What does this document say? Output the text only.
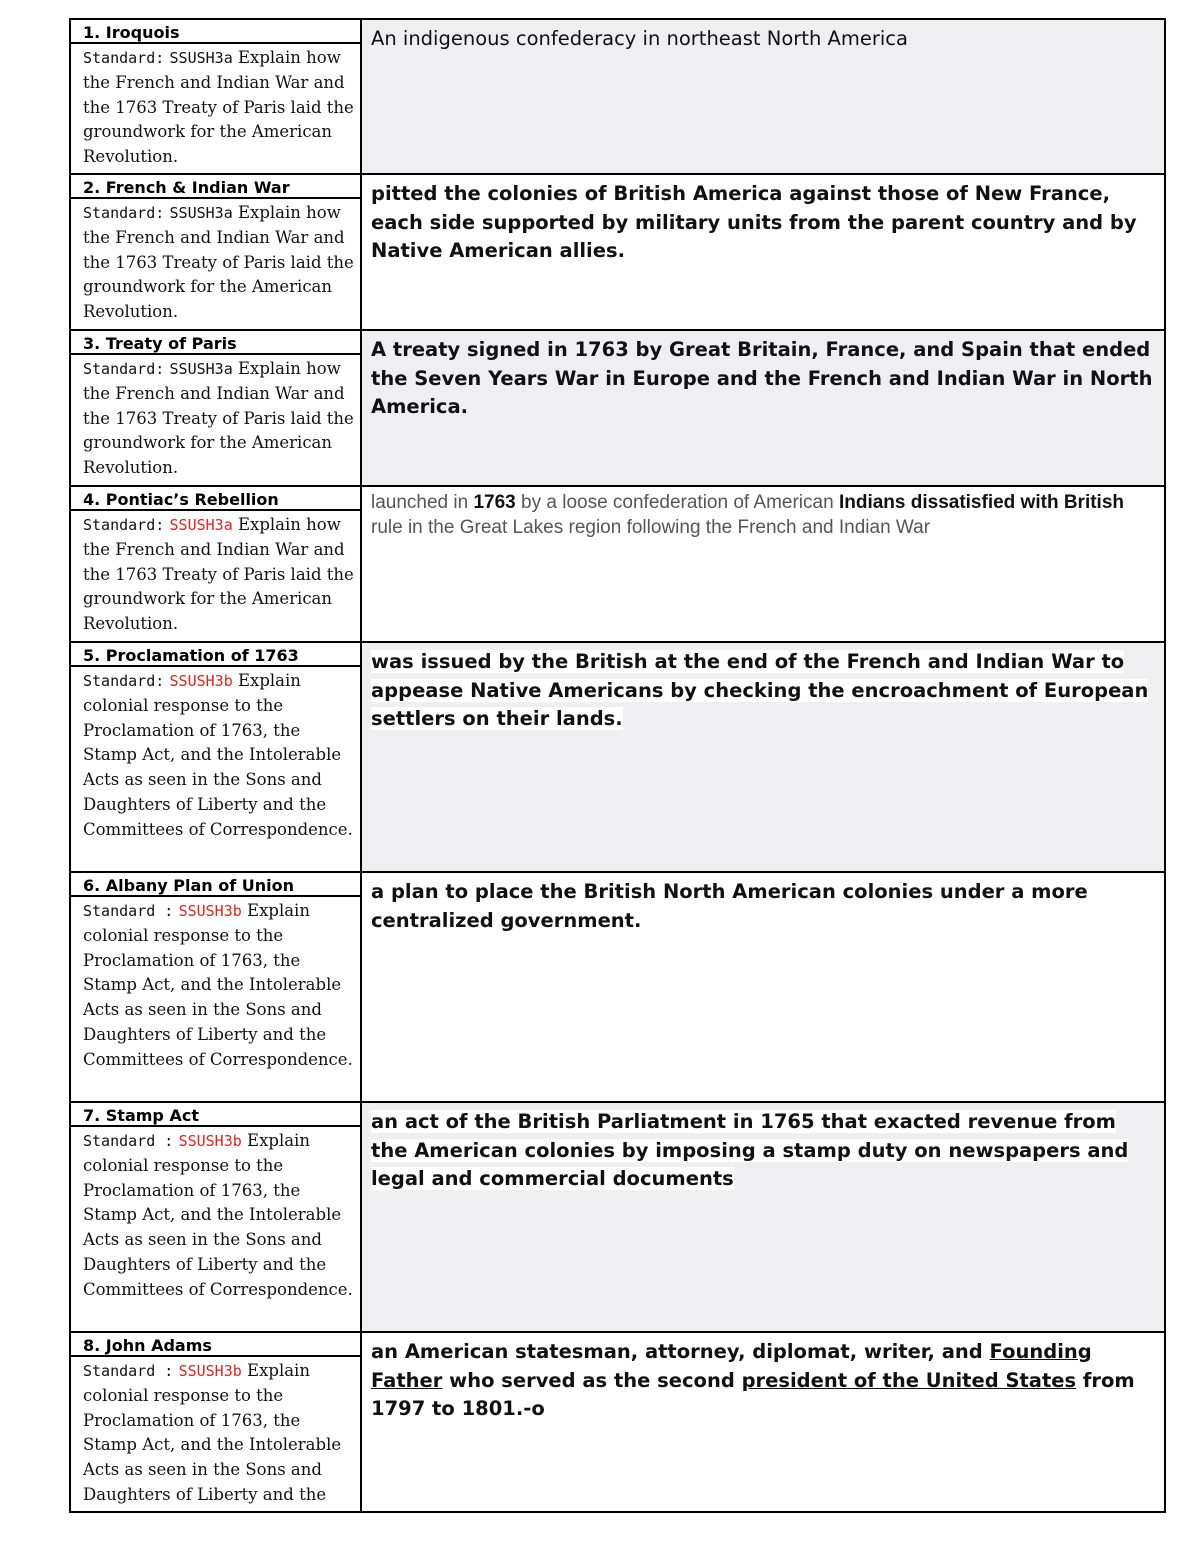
1. Iroquois
Standard: SSUSH3a Explain how the French and Indian War and the 1763 Treaty of Paris laid the groundwork for the American Revolution.	An indigenous confederacy in northeast North America

2. French & Indian War
Standard: SSUSH3a Explain how the French and Indian War and the 1763 Treaty of Paris laid the groundwork for the American Revolution.	pitted the colonies of British America against those of New France, each side supported by military units from the parent country and by Native American allies.

3. Treaty of Paris
Standard: SSUSH3a Explain how the French and Indian War and the 1763 Treaty of Paris laid the groundwork for the American Revolution.	A treaty signed in 1763 by Great Britain, France, and Spain that ended the Seven Years War in Europe and the French and Indian War in North America.

4. Pontiac’s Rebellion
Standard: SSUSH3a Explain how the French and Indian War and the 1763 Treaty of Paris laid the groundwork for the American Revolution.	launched in 1763 by a loose confederation of American Indians dissatisfied with British rule in the Great Lakes region following the French and Indian War

5. Proclamation of 1763
Standard: SSUSH3b Explain colonial response to the Proclamation of 1763, the Stamp Act, and the Intolerable Acts as seen in the Sons and Daughters of Liberty and the Committees of Correspondence.	was issued by the British at the end of the French and Indian War to appease Native Americans by checking the encroachment of European settlers on their lands.

6. Albany Plan of Union
Standard : SSUSH3b Explain colonial response to the Proclamation of 1763, the Stamp Act, and the Intolerable Acts as seen in the Sons and Daughters of Liberty and the Committees of Correspondence.	a plan to place the British North American colonies under a more centralized government.

7. Stamp Act
Standard : SSUSH3b Explain colonial response to the Proclamation of 1763, the Stamp Act, and the Intolerable Acts as seen in the Sons and Daughters of Liberty and the Committees of Correspondence.	an act of the British Parliatment in 1765 that exacted revenue from the American colonies by imposing a stamp duty on newspapers and legal and commercial documents

8. John Adams
Standard : SSUSH3b Explain colonial response to the Proclamation of 1763, the Stamp Act, and the Intolerable Acts as seen in the Sons and Daughters of Liberty and the	an American statesman, attorney, diplomat, writer, and Founding Father who served as the second president of the United States from 1797 to 1801.-o
